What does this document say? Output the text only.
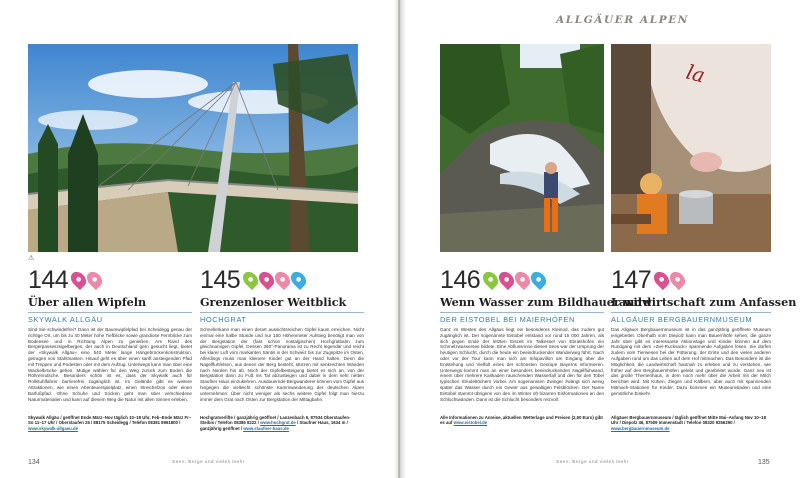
ALLGÄUER ALPEN
la
⚠
144 ● ●
Über allen Wipfeln
SKYWALK ALLGÄU
Sind Sie schwindelfrei? Dann ist der Baumwipfelpfad bei Scheidegg genau der richtige Ort, um bis zu 40 Meter hohe Tiefblicke sowie grandiose Fernblicke zum Bodensee und in Richtung Alpen zu genießen. Am Rand des Bergerpasseszsigelberges, der auch in Deutschland gern gesucht liegt, bietet der »Skywalk Allgäu« eine 540 Meter lange Hängebrückenkonstruktion, getragen von Stahlmasten. Hinauf geht es über einen sanft ansteigenden Pfad mit Treppen und Podesten oder mit dem Aufzug. Unterwegs kann man über eine Wackelbrücke gehen. Mutige wählen für den Weg zurück zum Boden die Röhrenrutsche. Besonders schön ist es, dass der Skywalk auch für Rollstuhlfahrer barrierefrei zugänglich ist. Im Gelände gibt es weitere Attraktionen, wie einen Abenteuerspielplatz, einen Streichelzoo oder einen Barfußpfad. Ohne Schuhe und Socken geht man über verschiedene Naturmaterialien und kann auf diesem Weg die Natur mit allen Sinnen erleben.
Skywalk Allgäu / geöffnet Ende März–Nov täglich 10–18 Uhr, Feb–Ende März Fr–So 11–17 Uhr / Oberstaufen 25 / 88175 Scheidegg / Telefon 08381 8961800 / www.skywalk-allgaeu.de
145 ● ● ● ●
Grenzenloser Weitblick
HOCHGRAT
Schnellerkann man einen derart aussichtsreichen Gipfel kaum erreichen. Nicht einmal eine halbe Stunde und nur 150 Höhenmeter Aufstieg benötigt man von der Bergstation der (fast schon nostalgischen) Hochgratbahn zum gleichnamigen Gipfel. Dessen 360°-Panorama ist zu Recht legendär und reicht bei klarer Luft vom markanten Säntis in der Schweiz bis zur Zugspitze im Osten. Allerdings muss man kleinere Kinder gut an der Hand halten. Denn die Nagelfluhfelsen, aus denen der Berg besteht, stürzen mit senkrechten Wänden nach Norden hin ab. Noch der Gipfelbesteigung bietet es sich an, von der Bergstation dann zu Fuß ins Tal abzusteigen und dabei in dem sehr netten Staufner Haus einzukehren. Ausdauernde Bergwanderer können vom Gipfel aus hingegen die vielleicht schönste Kammwanderung der deutschen Alpen unternehmen: Über nicht weniger als sechs weitere Gipfel folgt man hierzu immer dem Grat nach Osten zur Bergstation der Mittagbahn.
Hochgratverlifte / ganzjährig geöffnet / Lanzenbach 5, 87534 Oberstaufen-Steibis / Telefon 08386 8222 / www.hochgrat.de / Staufner Haus, 1634 m / ganzjährig geöffnet / www.staufner-haus.de
146 ● ● ● ●
Wenn Wasser zum Bildhauer wird
DER EISTOBEL BEI MAIERHÖFEN
Ganz im Westen des Allgäus liegt ein besonderes Kleinod, das zudem gut zugänglich ist. Der sogenannte Eistobel entstand vor rund 15 000 Jahren, als sich gegen Ende der letzten Eiszeit im Talkessel von Ebratshofen ein Schmelzwassersee bildete. Eine Abflussrinne dieses Sees war der Ursprung der heutigen Schlucht, durch die heute ein beeindruckender Wanderweg führt. Nach oder vor der Tour kann man sich am Infopavillon am Eingang über die Entstehung und Vielfalt eines der schönsten Geotope Bayerns informieren. Unterwegs kommt man an einer besonders beeindruckenden Nagelfluhwand, einem über mehrere Kaskaden rauschenden Wasserfall und den für den Tobel typischen Strudeltöchern vorbei. Am sogenannten Zwinger zwängt sich wenig später das Wasser durch ein Gewirr aus gewaltigen Felsblöcken. Der Name Eistobel stammt übrigens von den im Winter oft bizarren Eisformationen an den Schluchtwänden. Dann ist die Schlucht besonders reizvoll.
Alle Informationen zu Anreise, aktuellen Wetterlage und Preisen (2,50 Euro) gibt es auf www.eistobel.de
147 ● ●
Landwirtschaft zum Anfassen
ALLGÄUER BERGBAUERNMUSEUM
Das Allgäuer Bergbauernmuseum ist in das ganzjährig geöffnete Museum eingebettet. Oberhalb vom Diepolz kann man Bauernhöfe sehen, die ganze Jahr über gibt es interessante Aktionstage und Kinder können auf dem Rundgang mit dem »Ziel-Rucksack« spannende Aufgaben lösen. Sie dürfen zudem vom Tierwesen bei der Fütterung, der Ernte und den vielen anderen Aufgaben rund um das Leben auf dem Hof mitmachen. Das Besondere ist die Möglichkeit, die Landwirtschaft hautnah zu erleben und zu verstehen, wie früher auf den Bergbauernhöfen gelebt und gearbeitet wurde. Ganz neu ist das große Themenhaus, in dem noch mehr über die Arbeit mit der Milch berichtet wird. Mit Kühen, Ziegen und Kälbern, aber auch mit spannenden Mitmach-Stationen für Kinder. Dazu kommen ein Museumsladen und eine gemütliche Einkehr.
Allgäuer Bergbauernmuseum / täglich geöffnet Mitte Mai–Anfang Nov 10–18 Uhr / Diepolz 46, 87509 Immenstadt / Telefon 08320 9256290 / www.bergbauernmuseum.de
134	Seen, Berge und vieles mehr	Seen, Berge und vieles mehr	135
